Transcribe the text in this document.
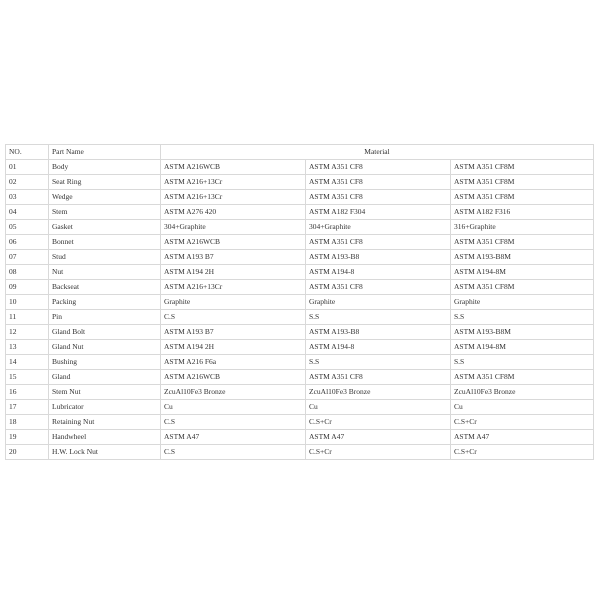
NO.	Part Name	Material		
01	Body	ASTM A216WCB	ASTM A351 CF8	ASTM A351 CF8M
02	Seat Ring	ASTM A216+13Cr	ASTM A351 CF8	ASTM A351 CF8M
03	Wedge	ASTM A216+13Cr	ASTM A351 CF8	ASTM A351 CF8M
04	Stem	ASTM A276 420	ASTM A182 F304	ASTM A182 F316
05	Gasket	304+Graphite	304+Graphite	316+Graphite
06	Bonnet	ASTM A216WCB	ASTM A351 CF8	ASTM A351 CF8M
07	Stud	ASTM A193 B7	ASTM A193-B8	ASTM A193-B8M
08	Nut	ASTM A194 2H	ASTM A194-8	ASTM A194-8M
09	Backseat	ASTM A216+13Cr	ASTM A351 CF8	ASTM A351 CF8M
10	Packing	Graphite	Graphite	Graphite
11	Pin	C.S	S.S	S.S
12	Gland Bolt	ASTM A193 B7	ASTM A193-B8	ASTM A193-B8M
13	Gland Nut	ASTM A194 2H	ASTM A194-8	ASTM A194-8M
14	Bushing	ASTM A216 F6a	S.S	S.S
15	Gland	ASTM A216WCB	ASTM A351 CF8	ASTM A351 CF8M
16	Stem Nut	ZcuAl10Fe3 Bronze	ZcuAl10Fe3 Bronze	ZcuAl10Fe3 Bronze
17	Lubricator	Cu	Cu	Cu
18	Retaining Nut	C.S	C.S+Cr	C.S+Cr
19	Handwheel	ASTM A47	ASTM A47	ASTM A47
20	H.W. Lock Nut	C.S	C.S+Cr	C.S+Cr
